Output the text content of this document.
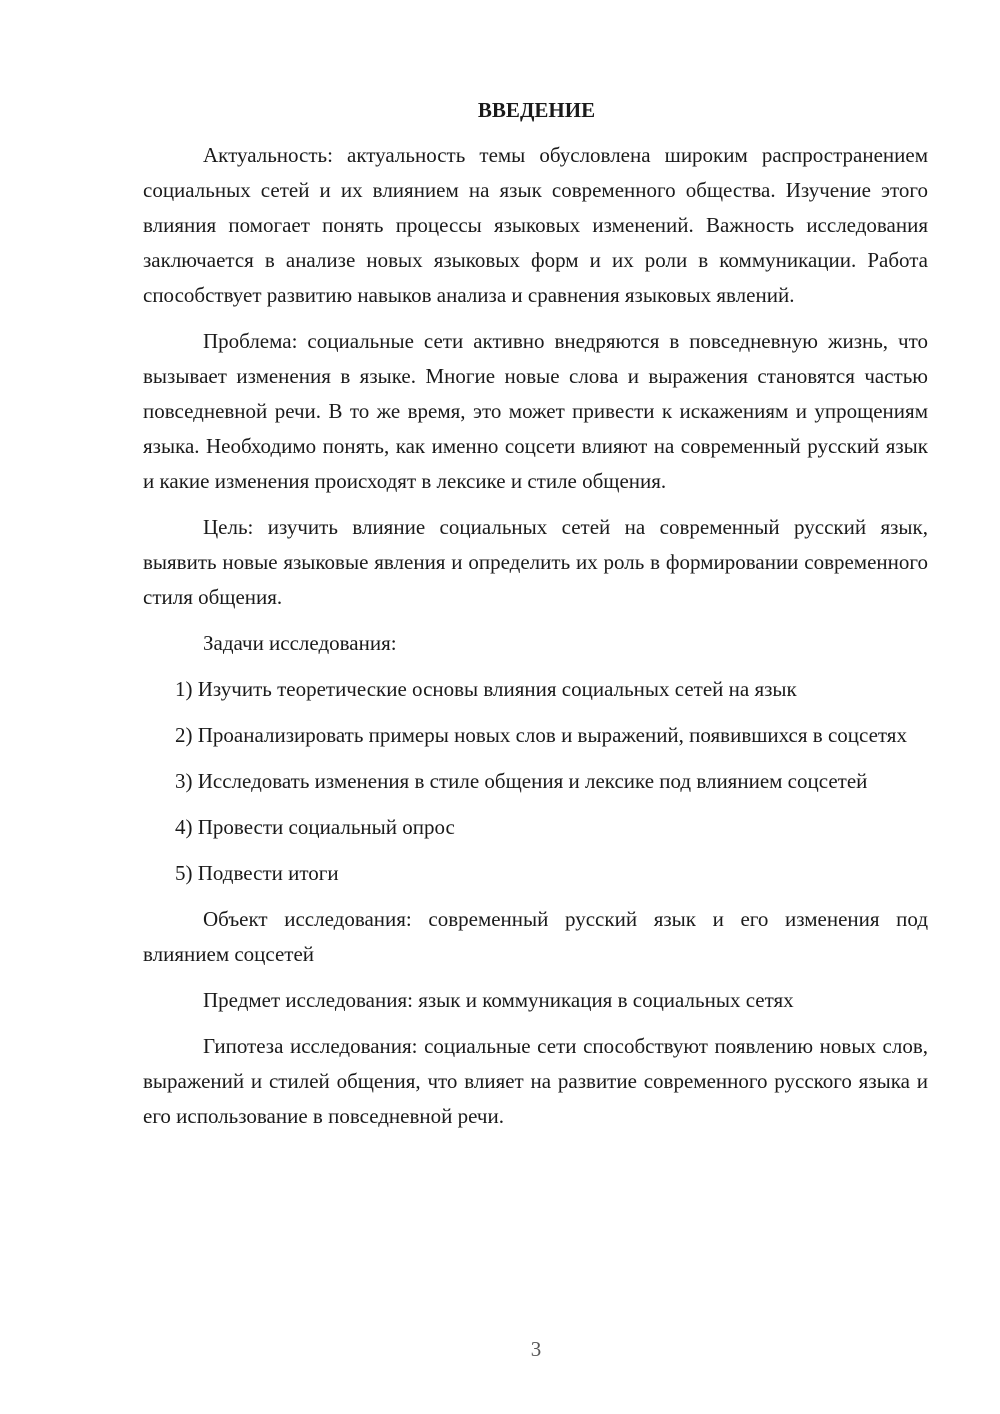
ВВЕДЕНИЕ

Актуальность: актуальность темы обусловлена широким распространением социальных сетей и их влиянием на язык современного общества. Изучение этого влияния помогает понять процессы языковых изменений. Важность исследования заключается в анализе новых языковых форм и их роли в коммуникации. Работа способствует развитию навыков анализа и сравнения языковых явлений.

Проблема: социальные сети активно внедряются в повседневную жизнь, что вызывает изменения в языке. Многие новые слова и выражения становятся частью повседневной речи. В то же время, это может привести к искажениям и упрощениям языка. Необходимо понять, как именно соцсети влияют на современный русский язык и какие изменения происходят в лексике и стиле общения.

Цель: изучить влияние социальных сетей на современный русский язык, выявить новые языковые явления и определить их роль в формировании современного стиля общения.

Задачи исследования:

1) Изучить теоретические основы влияния социальных сетей на язык

2) Проанализировать примеры новых слов и выражений, появившихся в соцсетях

3) Исследовать изменения в стиле общения и лексике под влиянием соцсетей

4) Провести социальный опрос

5) Подвести итоги

Объект исследования: современный русский язык и его изменения под влиянием соцсетей

Предмет исследования: язык и коммуникация в социальных сетях

Гипотеза исследования: социальные сети способствуют появлению новых слов, выражений и стилей общения, что влияет на развитие современного русского языка и его использование в повседневной речи.

3
